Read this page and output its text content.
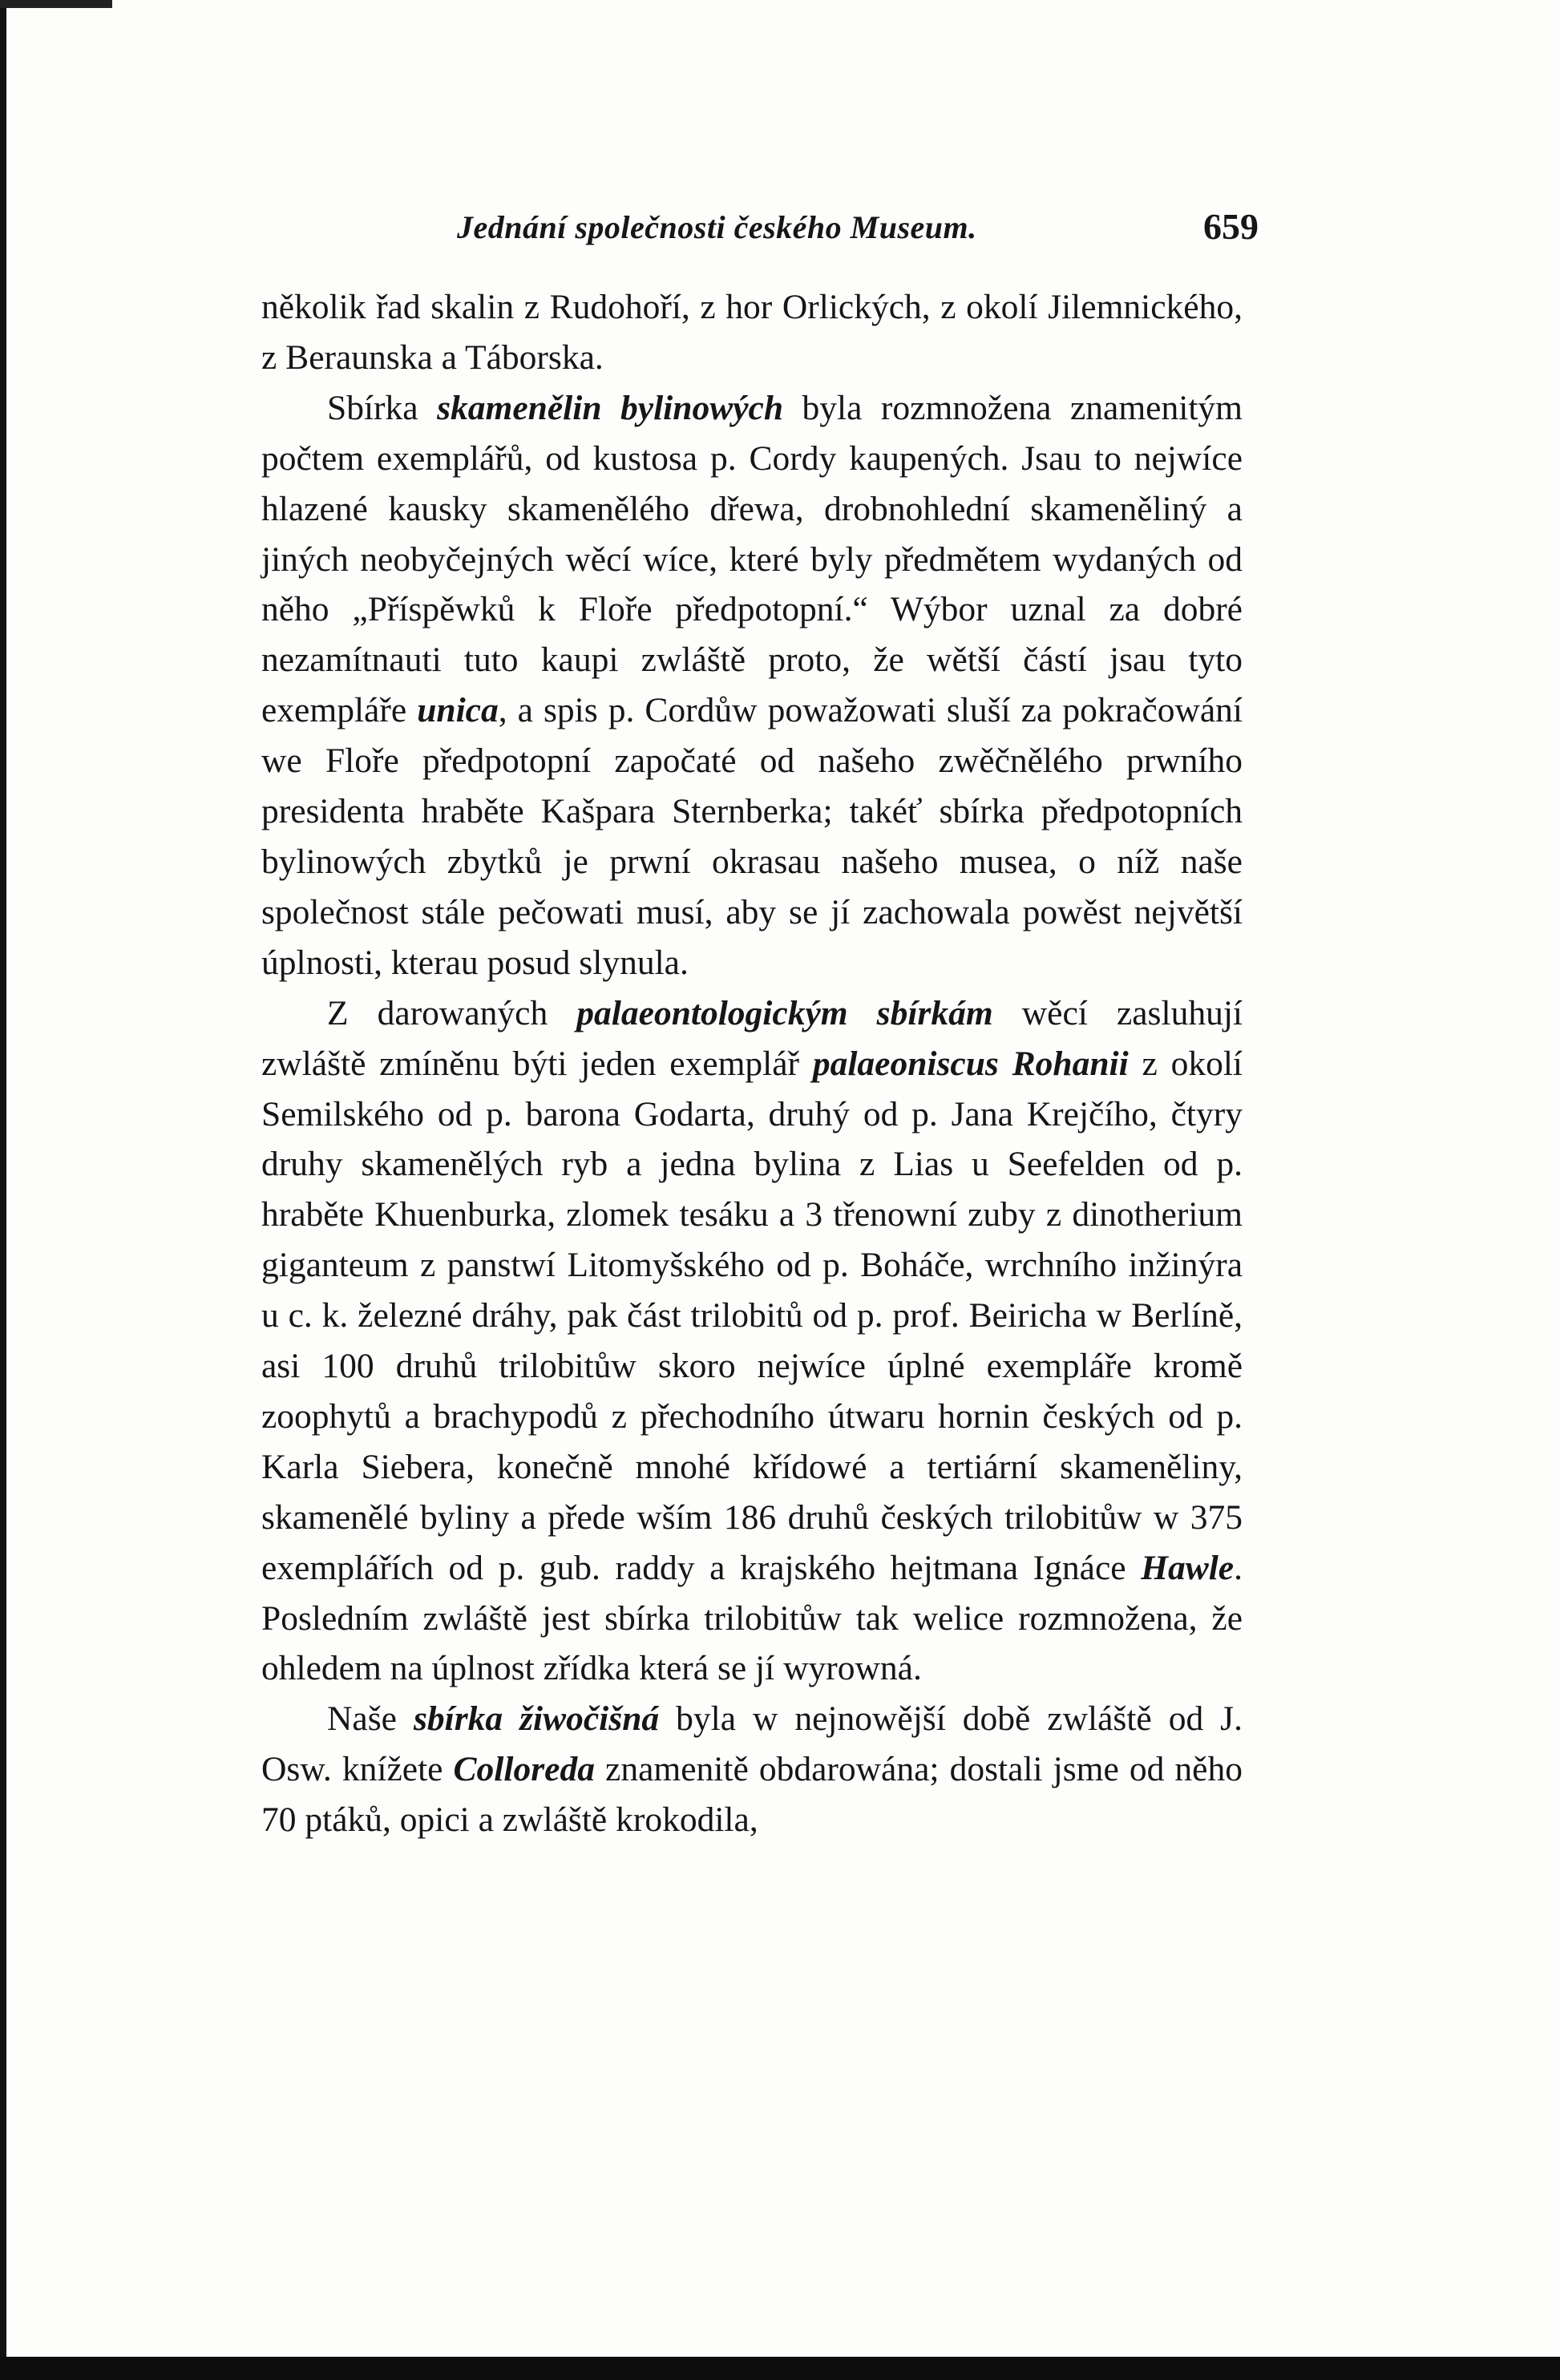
Jednání společnosti českého Museum.	659

několik řad skalin z Rudohoří, z hor Orlických, z okolí Jilemnického, z Beraunska a Táborska.

Sbírka skamenělin bylinowých byla rozmnožena znamenitým počtem exemplářů, od kustosa p. Cordy kaupených. Jsau to nejwíce hlazené kausky skamenělého dřewa, drobnohlední skameněliný a jiných neobyčejných wěcí wíce, které byly předmětem wydaných od něho „Příspěwků k Floře předpotopní.“ Wýbor uznal za dobré nezamítnauti tuto kaupi zwláště proto, že wětší částí jsau tyto exempláře unica, a spis p. Cordůw powažowati sluší za pokračowání we Floře předpotopní započaté od našeho zwěčnělého prwního presidenta hraběte Kašpara Sternberka; takéť sbírka předpotopních bylinowých zbytků je prwní okrasau našeho musea, o níž naše společnost stále pečowati musí, aby se jí zachowala powěst největší úplnosti, kterau posud slynula.

Z darowaných palaeontologickým sbírkám wěcí zasluhují zwláště zmíněnu býti jeden exemplář palaeoniscus Rohanii z okolí Semilského od p. barona Godarta, druhý od p. Jana Krejčího, čtyry druhy skamenělých ryb a jedna bylina z Lias u Seefelden od p. hraběte Khuenburka, zlomek tesáku a 3 třenowní zuby z dinotherium giganteum z panstwí Litomyšského od p. Boháče, wrchního inžinýra u c. k. železné dráhy, pak část trilobitů od p. prof. Beiricha w Berlíně, asi 100 druhů trilobitůw skoro nejwíce úplné exempláře kromě zoophytů a brachypodů z přechodního útwaru hornin českých od p. Karla Siebera, konečně mnohé křídowé a tertiární skameněliny, skamenělé byliny a přede wším 186 druhů českých trilobitůw w 375 exemplářích od p. gub. raddy a krajského hejtmana Ignáce Hawle. Posledním zwláště jest sbírka trilobitůw tak welice rozmnožena, že ohledem na úplnost zřídka která se jí wyrowná.

Naše sbírka žiwočišná byla w nejnowější době zwláště od J. Osw. knížete Colloreda znamenitě obdarowána; dostali jsme od něho 70 ptáků, opici a zwláště krokodila,
